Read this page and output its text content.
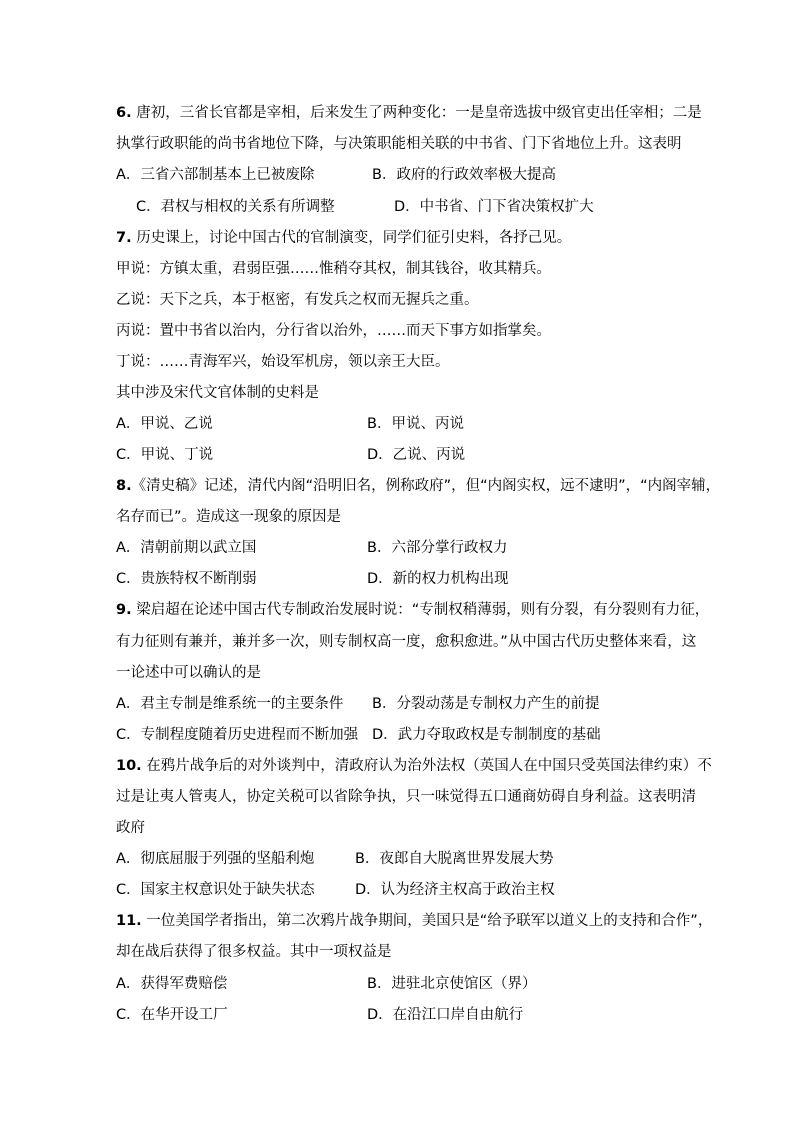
6. 唐初，三省长官都是宰相，后来发生了两种变化：一是皇帝选拔中级官吏出任宰相；二是
执掌行政职能的尚书省地位下降，与决策职能相关联的中书省、门下省地位上升。这表明
A．三省六部制基本上已被废除	B．政府的行政效率极大提高
C．君权与相权的关系有所调整	D．中书省、门下省决策权扩大
7. 历史课上，讨论中国古代的官制演变，同学们征引史料，各抒己见。
甲说：方镇太重，君弱臣强……惟稍夺其权，制其钱谷，收其精兵。
乙说：天下之兵，本于枢密，有发兵之权而无握兵之重。
丙说：置中书省以治内，分行省以治外，……而天下事方如指掌矣。
丁说：……青海军兴，始设军机房，领以亲王大臣。
其中涉及宋代文官体制的史料是
A．甲说、乙说	B．甲说、丙说
C．甲说、丁说	D．乙说、丙说
8.《清史稿》记述，清代内阁“沿明旧名，例称政府”，但“内阁实权，远不逮明”，“内阁宰辅，
名存而已”。造成这一现象的原因是
A．清朝前期以武立国	B．六部分掌行政权力
C．贵族特权不断削弱	D．新的权力机构出现
9. 梁启超在论述中国古代专制政治发展时说：“专制权稍薄弱，则有分裂，有分裂则有力征，
有力征则有兼并，兼并多一次，则专制权高一度，愈积愈进。”从中国古代历史整体来看，这
一论述中可以确认的是
A．君主专制是维系统一的主要条件 B．分裂动荡是专制权力产生的前提
C．专制程度随着历史进程而不断加强 D．武力夺取政权是专制制度的基础
10. 在鸦片战争后的对外谈判中，清政府认为治外法权（英国人在中国只受英国法律约束）不
过是让夷人管夷人，协定关税可以省除争执，只一味觉得五口通商妨碍自身利益。这表明清
政府
A．彻底屈服于列强的坚船利炮	B．夜郎自大脱离世界发展大势
C．国家主权意识处于缺失状态	D．认为经济主权高于政治主权
11. 一位美国学者指出，第二次鸦片战争期间，美国只是“给予联军以道义上的支持和合作”，
却在战后获得了很多权益。其中一项权益是
A．获得军费赔偿	B．进驻北京使馆区（界）
C．在华开设工厂	D．在沿江口岸自由航行
